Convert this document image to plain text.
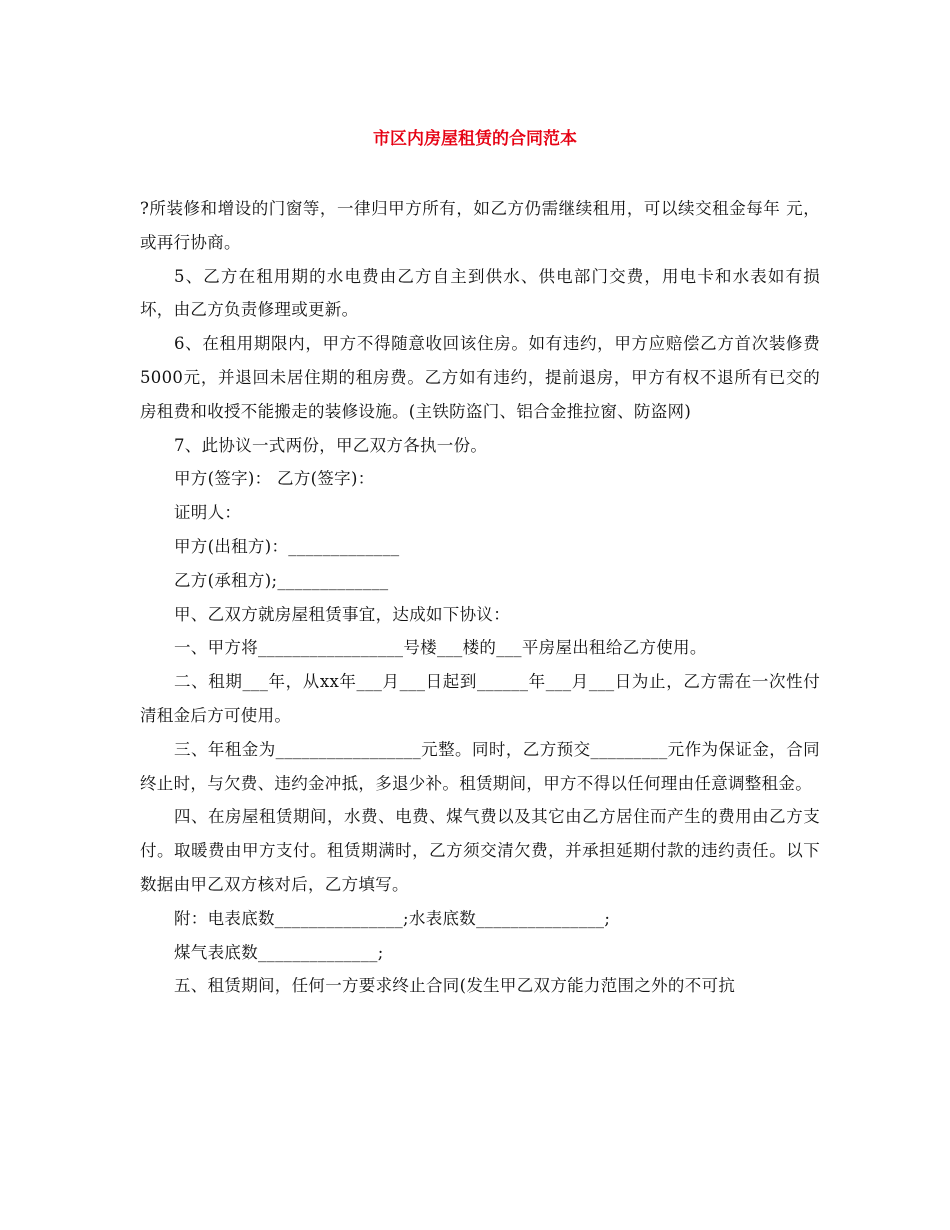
市区内房屋租赁的合同范本

?所装修和增设的门窗等，一律归甲方所有，如乙方仍需继续租用，可以续交租金每年 元，或再行协商。

5、乙方在租用期的水电费由乙方自主到供水、供电部门交费，用电卡和水表如有损坏，由乙方负责修理或更新。

6、在租用期限内，甲方不得随意收回该住房。如有违约，甲方应赔偿乙方首次装修费5000元，并退回未居住期的租房费。乙方如有违约，提前退房，甲方有权不退所有已交的房租费和收授不能搬走的装修设施。(主铁防盗门、铝合金推拉窗、防盗网)

7、此协议一式两份，甲乙双方各执一份。

甲方(签字)： 乙方(签字)：

证明人：

甲方(出租方)：_____________

乙方(承租方);_____________

甲、乙双方就房屋租赁事宜，达成如下协议：

一、甲方将_________________号楼___楼的___平房屋出租给乙方使用。

二、租期___年，从xx年___月___日起到______年___月___日为止，乙方需在一次性付清租金后方可使用。

三、年租金为_________________元整。同时，乙方预交_________元作为保证金，合同终止时，与欠费、违约金冲抵，多退少补。租赁期间，甲方不得以任何理由任意调整租金。

四、在房屋租赁期间，水费、电费、煤气费以及其它由乙方居住而产生的费用由乙方支付。取暖费由甲方支付。租赁期满时，乙方须交清欠费，并承担延期付款的违约责任。以下数据由甲乙双方核对后，乙方填写。

附：电表底数_______________;水表底数_______________;

煤气表底数______________;

五、租赁期间，任何一方要求终止合同(发生甲乙双方能力范围之外的不可抗
